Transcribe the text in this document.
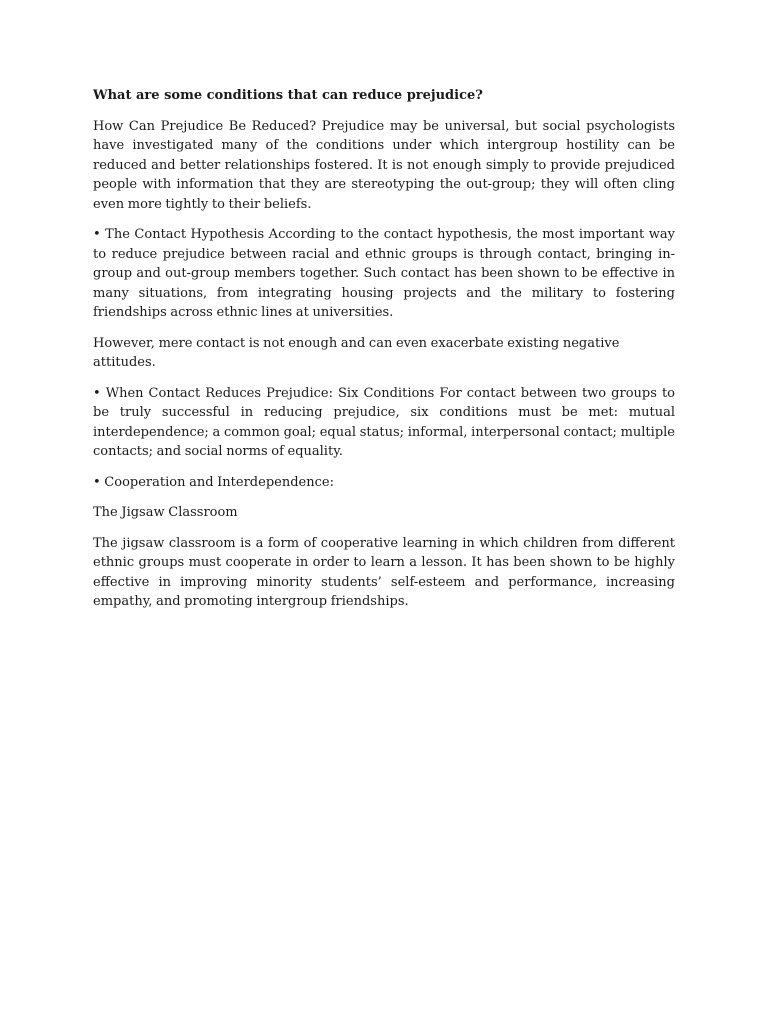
What are some conditions that can reduce prejudice?

How Can Prejudice Be Reduced? Prejudice may be universal, but social psychologists have investigated many of the conditions under which intergroup hostility can be reduced and better relationships fostered. It is not enough simply to provide prejudiced people with information that they are stereotyping the out-group; they will often cling even more tightly to their beliefs.

• The Contact Hypothesis According to the contact hypothesis, the most important way to reduce prejudice between racial and ethnic groups is through contact, bringing in-group and out-group members together. Such contact has been shown to be effective in many situations, from integrating housing projects and the military to fostering friendships across ethnic lines at universities.

However, mere contact is not enough and can even exacerbate existing negative attitudes.

• When Contact Reduces Prejudice: Six Conditions For contact between two groups to be truly successful in reducing prejudice, six conditions must be met: mutual interdependence; a common goal; equal status; informal, interpersonal contact; multiple contacts; and social norms of equality.

• Cooperation and Interdependence:

The Jigsaw Classroom

The jigsaw classroom is a form of cooperative learning in which children from different ethnic groups must cooperate in order to learn a lesson. It has been shown to be highly effective in improving minority students’ self-esteem and performance, increasing empathy, and promoting intergroup friendships.
